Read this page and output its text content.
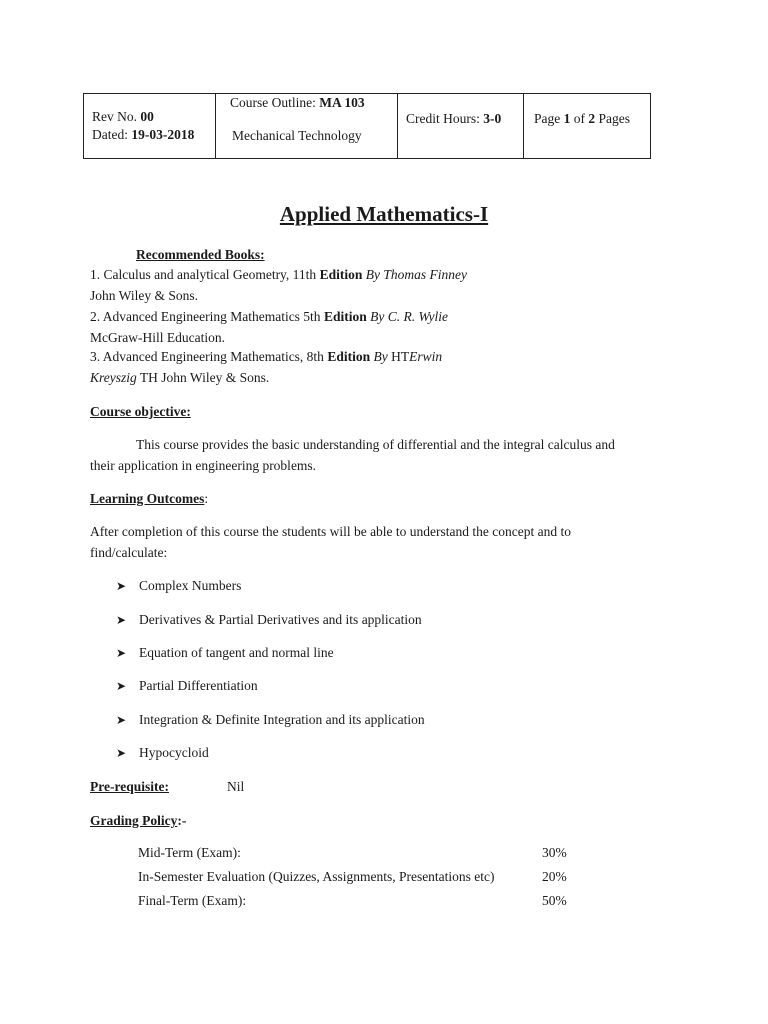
Rev No. 00
Dated: 19-03-2018
Course Outline: MA 103
Mechanical Technology
Credit Hours: 3-0 Page 1 of 2 Pages
Applied Mathematics-I
Recommended Books:
1. Calculus and analytical Geometry, 11th Edition By Thomas Finney
John Wiley & Sons.
2. Advanced Engineering Mathematics 5th Edition By C. R. Wylie
McGraw-Hill Education.
3. Advanced Engineering Mathematics, 8th Edition By HTErwin
Kreyszig TH John Wiley & Sons.
Course objective:
This course provides the basic understanding of differential and the integral calculus and
their application in engineering problems.
Learning Outcomes:
After completion of this course the students will be able to understand the concept and to
find/calculate:
➤ Complex Numbers
➤ Derivatives & Partial Derivatives and its application
➤ Equation of tangent and normal line
➤ Partial Differentiation
➤ Integration & Definite Integration and its application
➤ Hypocycloid
Pre-requisite:	Nil
Grading Policy:-
Mid-Term (Exam):	30%
In-Semester Evaluation (Quizzes, Assignments, Presentations etc)	20%
Final-Term (Exam):	50%
